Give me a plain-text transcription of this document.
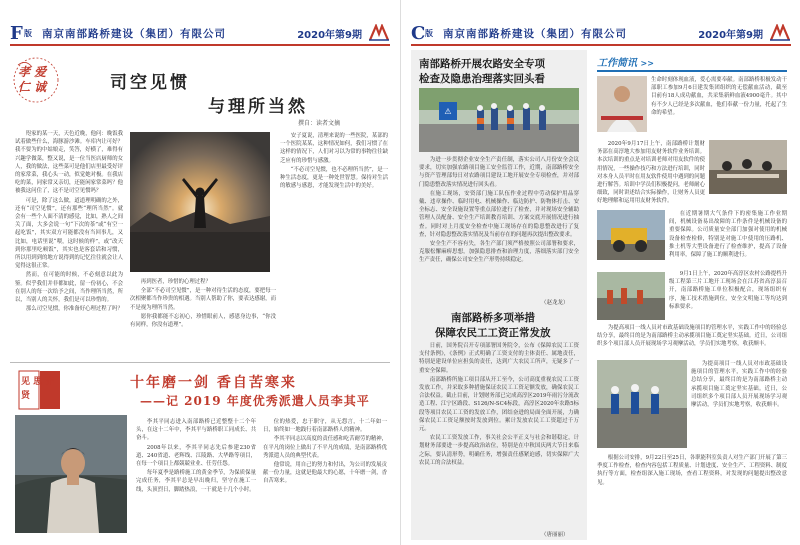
F 版 南京南部路桥建设（集团）有限公司	2020年第9期
孝 爱 仁 诚	司空见惯
与理所当然
撰自：读者文摘

咫家的某一天，天色近晚，他问：晚饭我试着做些什么，海豚游沙滩。车库内让可好？我不要为的中姑娘走，笑答，好横了，难得有兴趣学做菜，整又说，是一位当医店厨师的女人，我的做法，这些菜可是他们店里最受好评的家常菜，我心头一动，似觉她对极。在我店吃的菜，同家常又亲切，还能闲家常菜吗？他被我这问住了，这不是司空见惯吗？

可是，除了这么做，道道理明确的之外，还有“司空见惯”，还有那些“理所当然”。就会有一些个人面不清的感觉，比如，熟人之间关了面，大多会说一句“下次的茶”或“有空一起吃饭”，其实双方可能都没有当回事儿，又比如，电话里说“喂，这时候的样”，或“改天到你那里吃顿饭”，其实也是客套话和习惯，所以用到到的地方说得到的记忆往往就会让人觉得这很正常。

然而，在可能的时候，不必刻意以此为鉴。似乎我们并非都如此，留一份初心，不会在别人的每一次给予之间，当作理所当然，所以，当别人的关怀，我们是可以珍惜的。

那么司空见惯，你准备好心理过程了吗？

安子夏说，清理来说的一些医院，某部的一个医院某某，这种情况如何，我们习惯了在这样的情况下，人们对习以为常的事物往往缺乏应有的珍惜与感激。

“不必司空见惯，也不必理所当然”，是一种生活态度，更是一种处世智慧。保持对生活的敏感与感恩，才能发现生活中的美好。

再到医者，珍惜的心理过程？

全部“不必司空见惯”，是一种对待生活的态度，要把每一次相聚都当作珍贵的相遇。当别人帮助了你，要表达感谢，而不是视为理所当然。

愿你我都能不忘初心，珍惜眼前人，感恩身边事，“你没有同样，你没有道理”。

见 思 齐 贤
十年磨一剑 香自苦寒来
——记 2019 年度优秀派遣人员李其平

李其平同志进入南部路桥已近整整十二个年头，在这十二年中，李其平与路桥职工同成长、共奋斗。

2008年以来，李其平同志先后参建230省道、240省道、老辉线、江陵路、大华路等项目，在每一个项目上都兢兢业业、任劳任怨。

每年夏季是路桥施工的黄金季节，为保质保量完成任务，李其平总是早出晚归，坚守在施工一线，头顶烈日，脚踏热浪，一干就是十几个小时。

位的热爱，忠于职守，从无怨言，十二年如一日，始终如一地践行着南部路桥人的精神。

李其平同志以高度的责任感和吃苦耐劳的精神，在平凡的岗位上做出了不平凡的成绩，是南部路桥优秀派遣人员的典型代表。

他常说，用自己的努力和付出，为公司的发展贡献一份力量，这就是他最大的心愿，十年磨一剑，香自苦寒来。

C 版 南京南部路桥建设（集团）有限公司	2020年第9期
南部路桥开展农路安全专项
检查及隐患治理落实回头看
⚠

为进一步贯彻企业安全生产责任制，落实公司八月份安全会议要求，切实加强农路项目施工安全监管工作，近期，南部路桥安全与资产管理部每日对农路项目建设工地开展安全专项检查，并对部门隐患整改落实情况进行回头看。

在施工现场，安资部门施工队伍作业过程中劳动保护用品穿戴、违章操作、临时用电、机械操作、临边防护、防物体打击、安全标志、安全设施设置等重点部位进行了检查，并对现场安全辅助管理人员配备、安全生产培训教育培训、方案交底开展情况进行抽查。同时对上月度安全检查中施工现场存在的隐患整改进行了复查，针对隐患整改落实情况及当前存在的问题再次提出整改要求。

安全生产不容有失，各生产部门须严格按照公司部署和要求，克服松懈麻痹思想，加强隐患排查和治理力度，落细落实部门安全生产责任，确保公司安全生产形势持续稳定。

（赵龙龙）
南部路桥多项举措
保障农民工工资正常发放

日前，国务院召开专项部署国务院令，公布《保障农民工工资支付条例》，《条例》正式明确了工资支付的主体责任、属地责任，特别是建设单位应担负的责任，达到广大农民工所声，无疑多了一重安全保障。

南部路桥所施工项目部从开工至今，公司高度重视农民工工资发放工作，并采取多种措施保证农民工工资足额发放，确保农民工合法权益。截止目前，计划财务部已完成高淳区2019年雨污分流改造工程、江宁区路段、S126/N-SC4标段，高淳区2020年农路5标段等项目农民工工资的发放工作，团结奋进的局面全面开展，力确保农民工工资足额按时发放到位。累计发放农民工工资超过千万元。

农民工工资发放工作，事关社会公平正义与社会和谐稳定，计划财务部要进一步提高政治站位，特别是在中秋国庆两大节日来临之际，要认清形势，明确任务，增强责任感紧迫感，切实保障广大农民工的合法权益。

（唐丽丽）
工作简讯 >>
生命时刻体现血液，爱心需要奉献。南部路桥积极发动干部职工参加9月6日建发集团组织的无偿献血活动，截至目前有18人成功献血，共采集新鲜血液4900毫升。其中有不少人已经是多次献血，他们奉献一份力量，托起了生命的希望。
2020年9月17日上午，南部路桥计划财务部在高淳地大参加用友财务软件业务培训。本次培训的重点是对培训老师对用友软件的使用情况，一些操作技巧和方法进行培训，同时对本身人员平时在用友软件使用中遇到的问题进行解答。培训中学员们积极提问，老师耐心细致，同时讲述结合实际操作，让财务人员更好地理解和运用用友财务软件。
在近期暑期大气条件下的密集施工作业期间，机械设备易出故障的工作条件是机械设备的重要保障。公司质量安全部门加强对使用的机械设备检查检修，特别是对施工中使用的压路机、推土机等大型设备进行了检查维护，提高了设备利用率，保障了施工的顺利进行。
9月1日上午，2020年高淳区农村公路提档升级工程第三片工地开工现场会在江苏省高淳县召开，南部路桥施工单位积极配合，现场组织有序，施工技术措施到位，安全文明施工等均达到标准要求。
为提高项目一线人员对市政基础设施项目的管理水平，实践工作中的经验总结分享，最终目的是为南部路桥主动承揽项目施工奠定坚实基础。近日，公司组织多个项目部人员开展现场学习观摩活动，学员们实地考察，收获颇丰。
为提高项目一线人员对市政基础设施项目的管理水平，实践工作中的经验总结分享，最终目的是为南部路桥主动承揽项目施工奠定坚实基础。近日，公司组织多个项目部人员开展现场学习观摩活动，学员们实地考察，收获颇丰。
根据公司安排，9月22日至25日，各职能科室负责人对生产部门开展了第三季度工作检查，检查内容包括工程质量、计划进度、安全生产、工程资料、制度执行等方面，检查组深入施工现场，查看工程资料，对发现的问题提出整改意见。
